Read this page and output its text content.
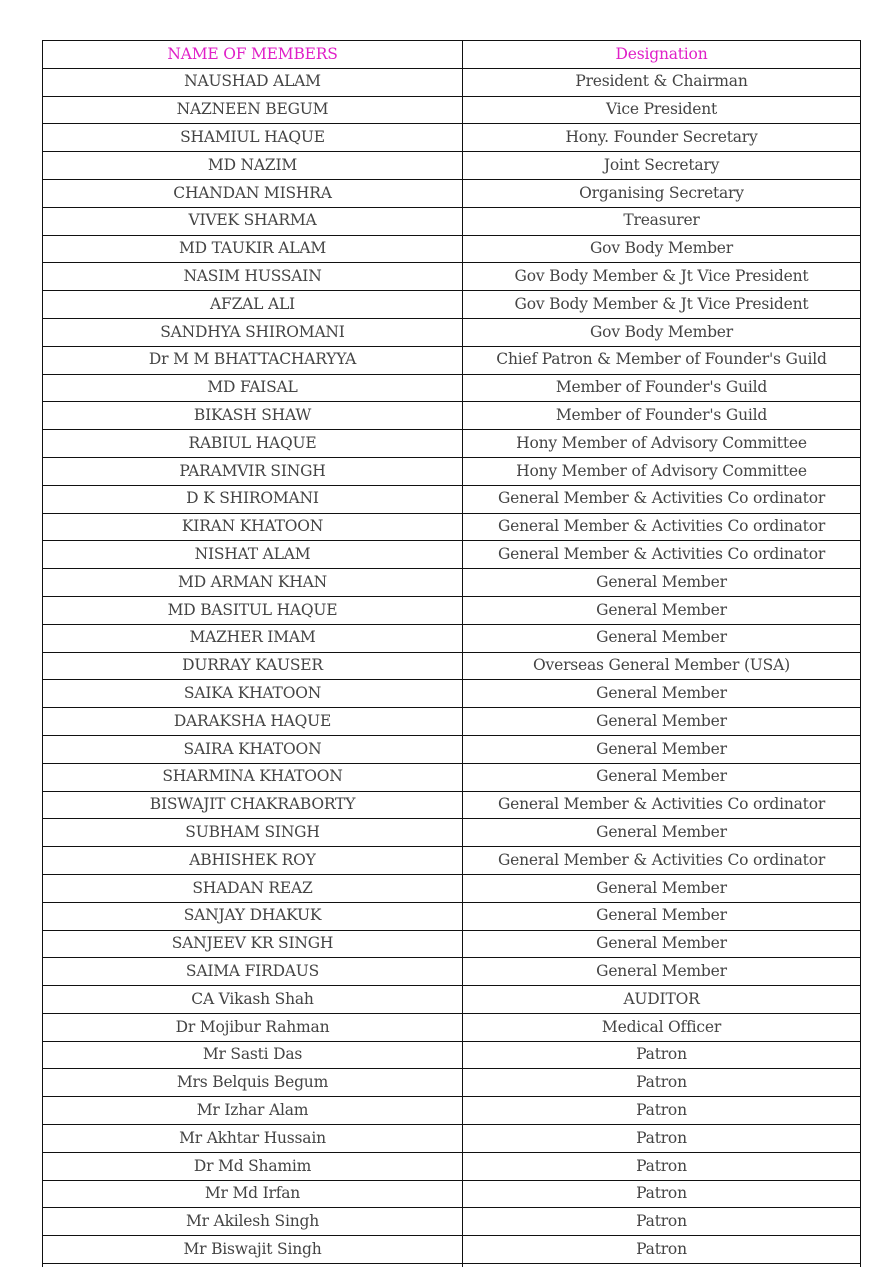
NAME OF MEMBERS	Designation
NAUSHAD ALAM	President & Chairman
NAZNEEN BEGUM	Vice President
SHAMIUL HAQUE	Hony. Founder Secretary
MD NAZIM	Joint Secretary
CHANDAN MISHRA	Organising Secretary
VIVEK SHARMA	Treasurer
MD TAUKIR ALAM	Gov Body Member
NASIM HUSSAIN	Gov Body Member & Jt Vice President
AFZAL ALI	Gov Body Member & Jt Vice President
SANDHYA SHIROMANI	Gov Body Member
Dr M M BHATTACHARYYA	Chief Patron & Member of Founder's Guild
MD FAISAL	Member of Founder's Guild
BIKASH SHAW	Member of Founder's Guild
RABIUL HAQUE	Hony Member of Advisory Committee
PARAMVIR SINGH	Hony Member of Advisory Committee
D K SHIROMANI	General Member & Activities Co ordinator
KIRAN KHATOON	General Member & Activities Co ordinator
NISHAT ALAM	General Member & Activities Co ordinator
MD ARMAN KHAN	General Member
MD BASITUL HAQUE	General Member
MAZHER IMAM	General Member
DURRAY KAUSER	Overseas General Member (USA)
SAIKA KHATOON	General Member
DARAKSHA HAQUE	General Member
SAIRA KHATOON	General Member
SHARMINA KHATOON	General Member
BISWAJIT CHAKRABORTY	General Member & Activities Co ordinator
SUBHAM SINGH	General Member
ABHISHEK ROY	General Member & Activities Co ordinator
SHADAN REAZ	General Member
SANJAY DHAKUK	General Member
SANJEEV KR SINGH	General Member
SAIMA FIRDAUS	General Member
CA Vikash Shah	AUDITOR
Dr Mojibur Rahman	Medical Officer
Mr Sasti Das	Patron
Mrs Belquis Begum	Patron
Mr Izhar Alam	Patron
Mr Akhtar Hussain	Patron
Dr Md Shamim	Patron
Mr Md Irfan	Patron
Mr Akilesh Singh	Patron
Mr Biswajit Singh	Patron
